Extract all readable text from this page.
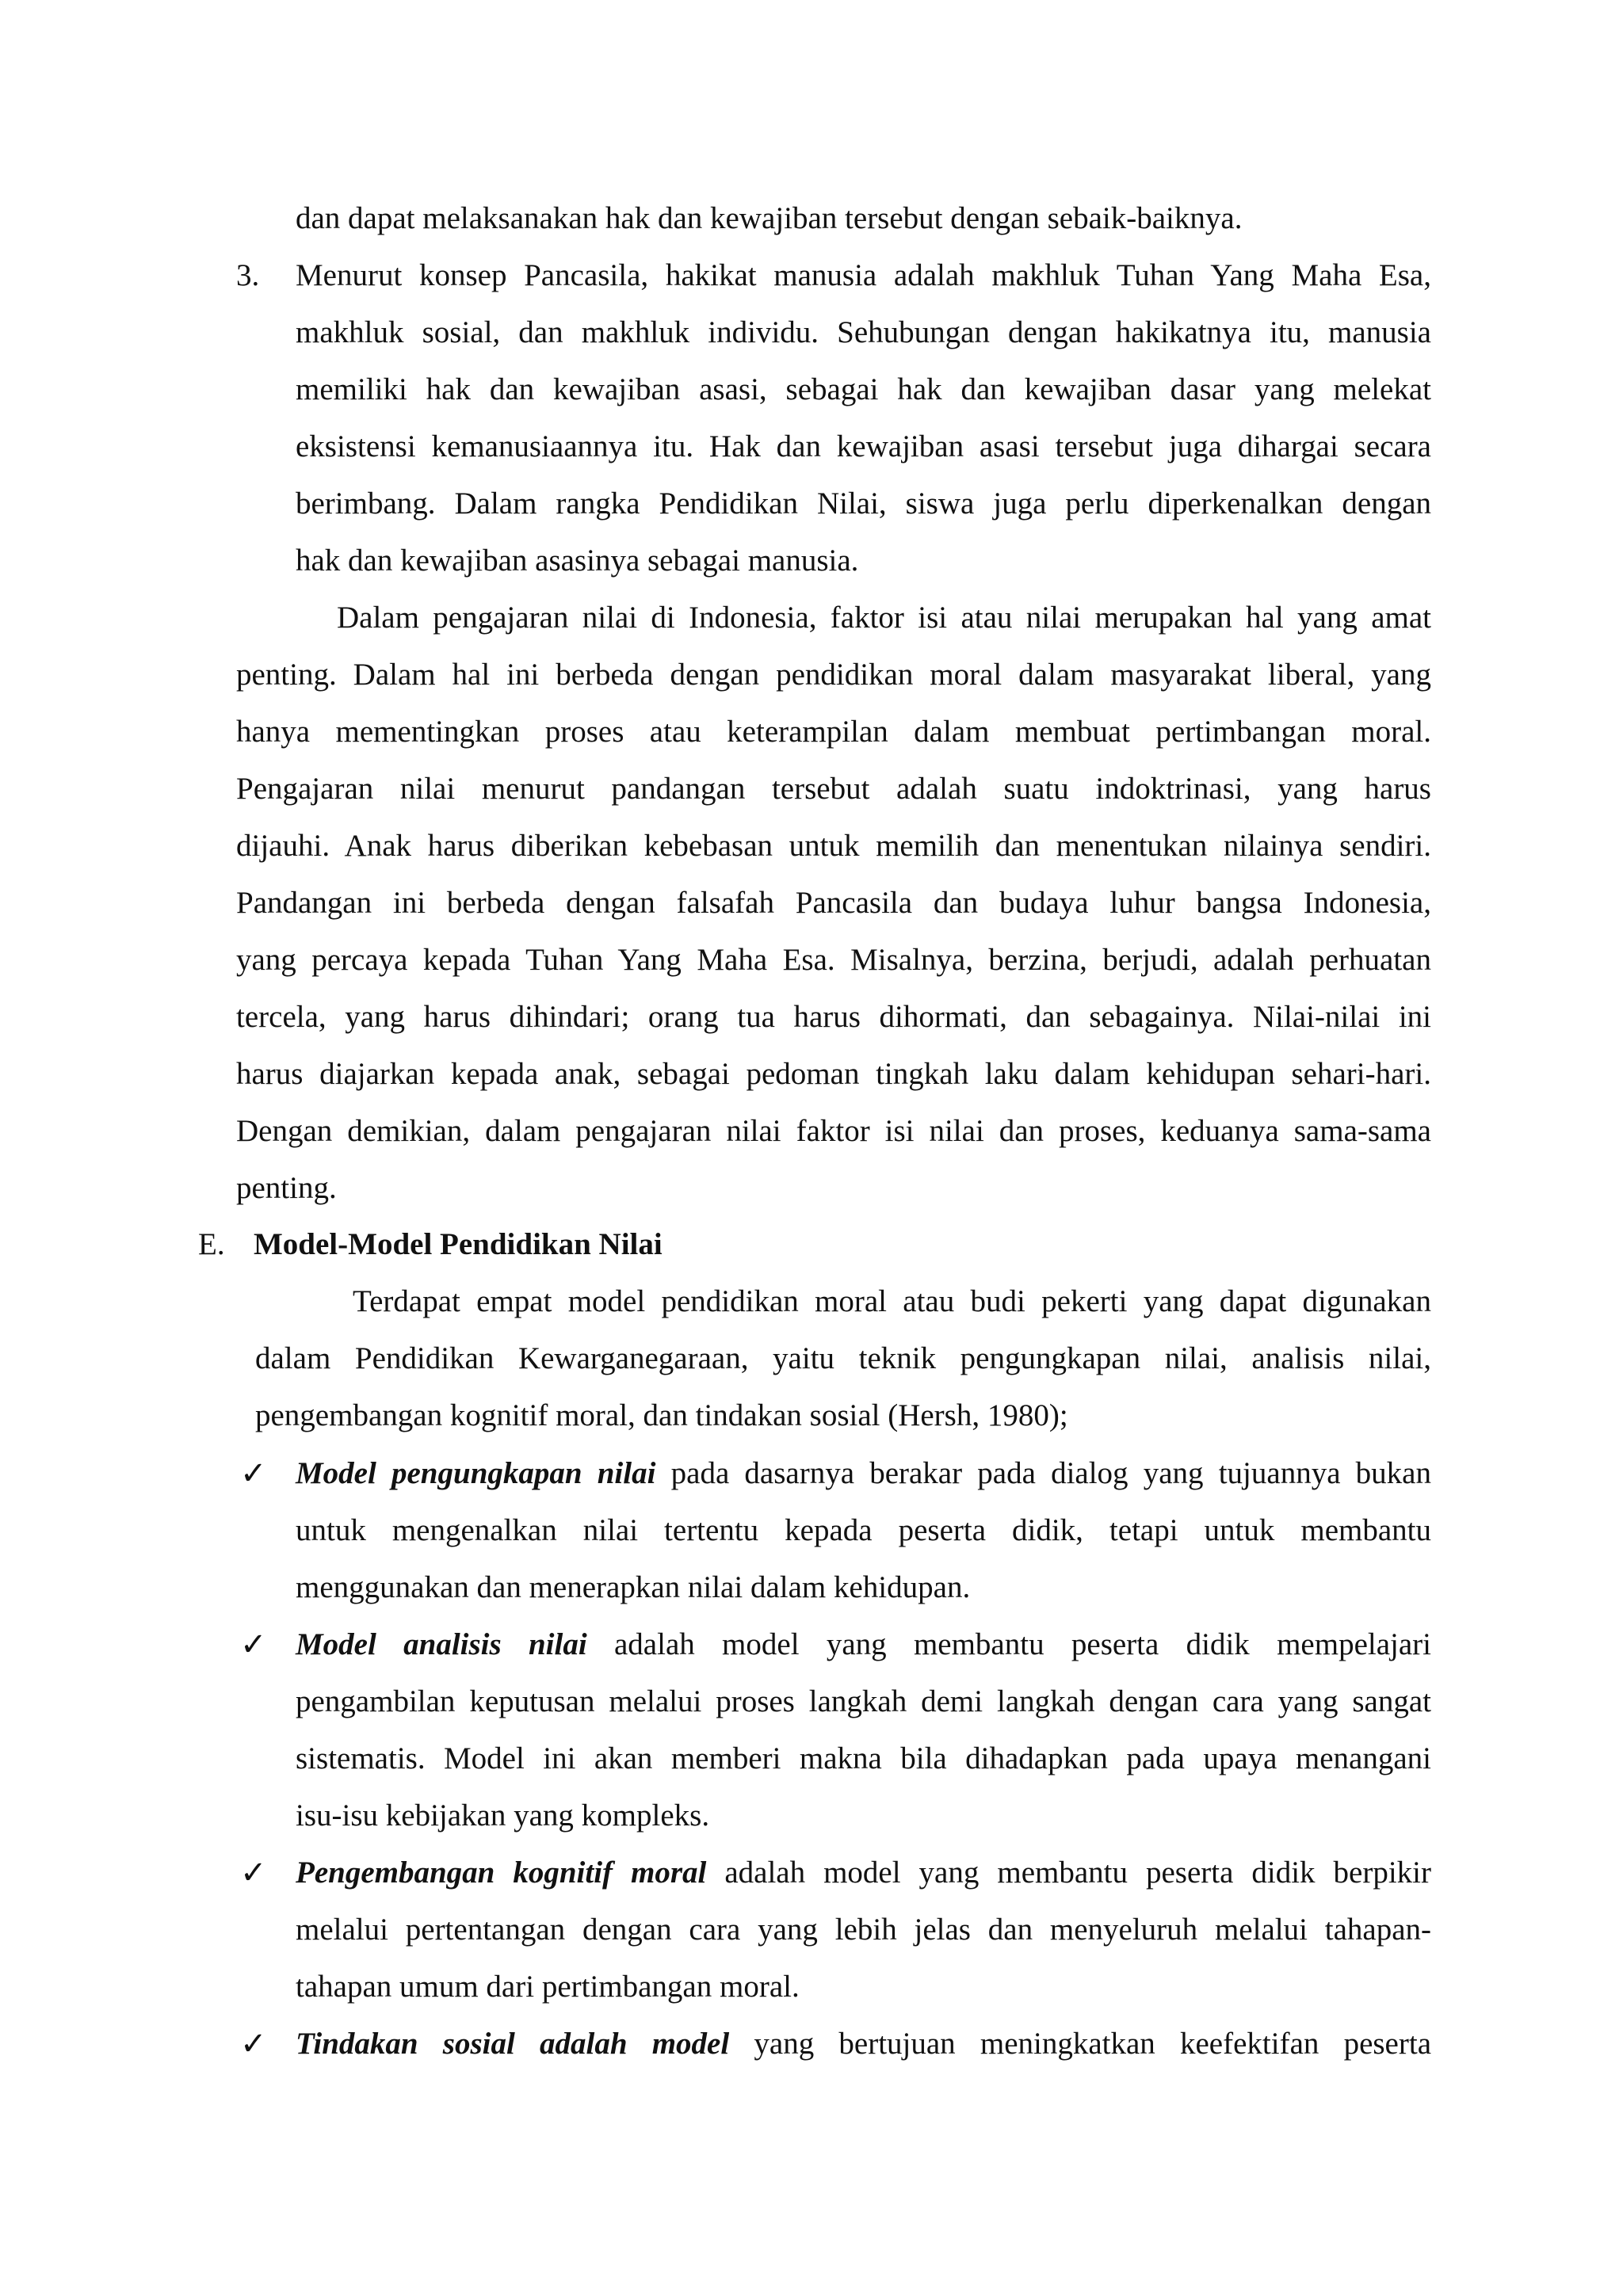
dan dapat melaksanakan hak dan kewajiban tersebut dengan sebaik-baiknya.

3. Menurut konsep Pancasila, hakikat manusia adalah makhluk Tuhan Yang Maha Esa,

makhluk sosial, dan makhluk individu. Sehubungan dengan hakikatnya itu, manusia

memiliki hak dan kewajiban asasi, sebagai hak dan kewajiban dasar yang melekat

eksistensi kemanusiaannya itu. Hak dan kewajiban asasi tersebut juga dihargai secara

berimbang. Dalam rangka Pendidikan Nilai, siswa juga perlu diperkenalkan dengan

hak dan kewajiban asasinya sebagai manusia.

Dalam pengajaran nilai di Indonesia, faktor isi atau nilai merupakan hal yang amat

penting. Dalam hal ini berbeda dengan pendidikan moral dalam masyarakat liberal, yang

hanya mementingkan proses atau keterampilan dalam membuat pertimbangan moral.

Pengajaran nilai menurut pandangan tersebut adalah suatu indoktrinasi, yang harus

dijauhi. Anak harus diberikan kebebasan untuk memilih dan menentukan nilainya sendiri.

Pandangan ini berbeda dengan falsafah Pancasila dan budaya luhur bangsa Indonesia,

yang percaya kepada Tuhan Yang Maha Esa. Misalnya, berzina, berjudi, adalah perhuatan

tercela, yang harus dihindari; orang tua harus dihormati, dan sebagainya. Nilai-nilai ini

harus diajarkan kepada anak, sebagai pedoman tingkah laku dalam kehidupan sehari-hari.

Dengan demikian, dalam pengajaran nilai faktor isi nilai dan proses, keduanya sama-sama

penting.

E. Model-Model Pendidikan Nilai

Terdapat empat model pendidikan moral atau budi pekerti yang dapat digunakan

dalam Pendidikan Kewarganegaraan, yaitu teknik pengungkapan nilai, analisis nilai,

pengembangan kognitif moral, dan tindakan sosial (Hersh, 1980);

✓ Model pengungkapan nilai pada dasarnya berakar pada dialog yang tujuannya bukan

untuk mengenalkan nilai tertentu kepada peserta didik, tetapi untuk membantu

menggunakan dan menerapkan nilai dalam kehidupan.

✓ Model analisis nilai adalah model yang membantu peserta didik mempelajari

pengambilan keputusan melalui proses langkah demi langkah dengan cara yang sangat

sistematis. Model ini akan memberi makna bila dihadapkan pada upaya menangani

isu-isu kebijakan yang kompleks.

✓ Pengembangan kognitif moral adalah model yang membantu peserta didik berpikir

melalui pertentangan dengan cara yang lebih jelas dan menyeluruh melalui tahapan-

tahapan umum dari pertimbangan moral.

✓ Tindakan sosial adalah model yang bertujuan meningkatkan keefektifan peserta
